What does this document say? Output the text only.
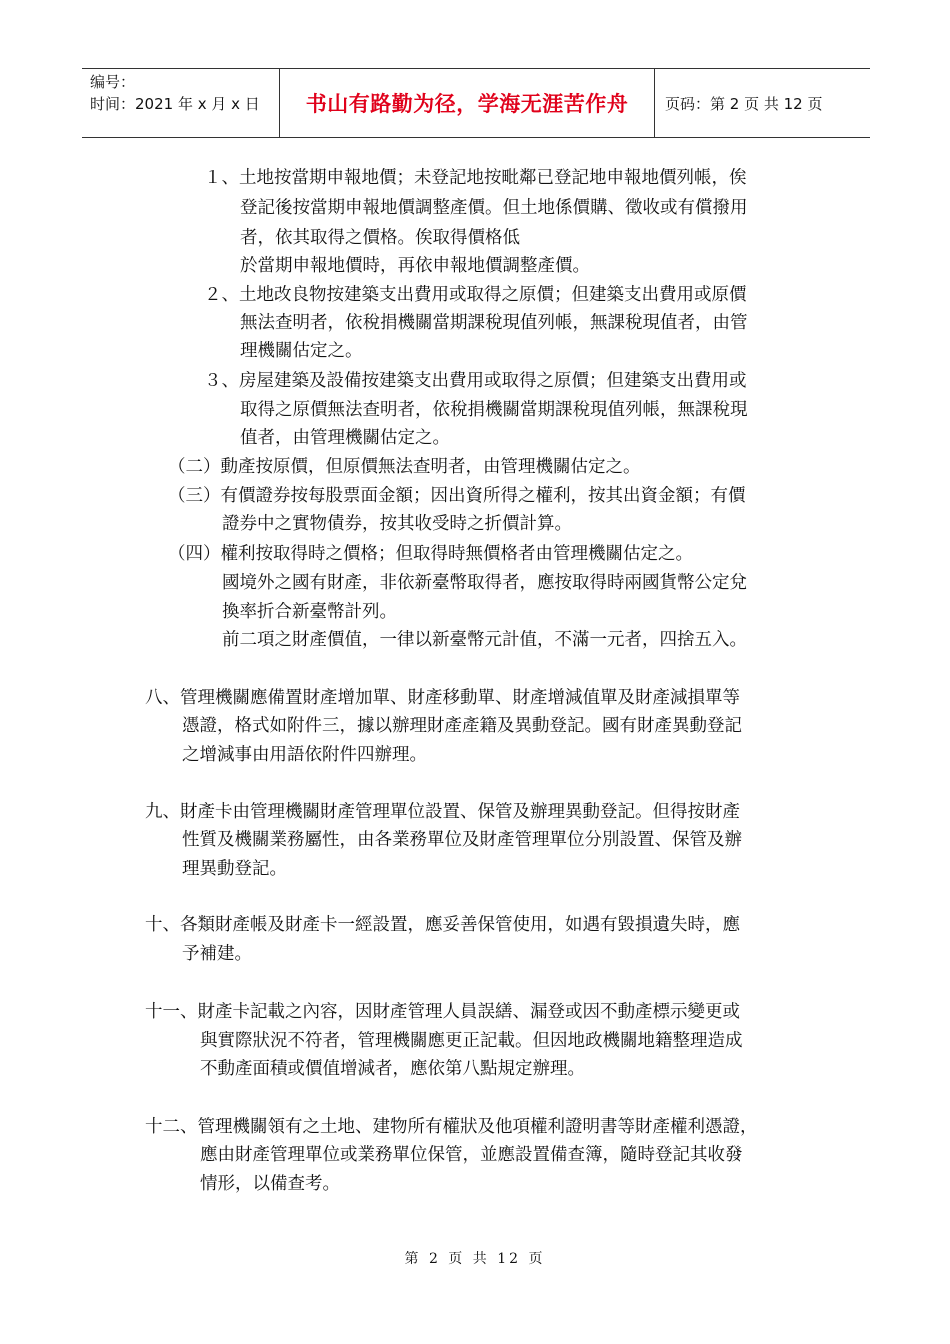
编号：
时间：2021 年 x 月 x 日	书山有路勤为径，学海无涯苦作舟	页码：第 2 页 共 12 页
１、土地按當期申報地價；未登記地按毗鄰已登記地申報地價列帳，俟
登記後按當期申報地價調整產價。但土地係價購、徵收或有償撥用
者，依其取得之價格。俟取得價格低
於當期申報地價時，再依申報地價調整產價。
２、土地改良物按建築支出費用或取得之原價；但建築支出費用或原價
無法查明者，依稅捐機關當期課稅現值列帳，無課稅現值者，由管
理機關估定之。
３、房屋建築及設備按建築支出費用或取得之原價；但建築支出費用或
取得之原價無法查明者，依稅捐機關當期課稅現值列帳，無課稅現
值者，由管理機關估定之。
（二）動產按原價，但原價無法查明者，由管理機關估定之。
（三）有價證券按每股票面金額；因出資所得之權利，按其出資金額；有價
證券中之實物債券，按其收受時之折價計算。
（四）權利按取得時之價格；但取得時無價格者由管理機關估定之。
國境外之國有財產，非依新臺幣取得者，應按取得時兩國貨幣公定兌
換率折合新臺幣計列。
前二項之財產價值，一律以新臺幣元計值，不滿一元者，四捨五入。
八、管理機關應備置財產增加單、財產移動單、財產增減值單及財產減損單等
憑證，格式如附件三，據以辦理財產產籍及異動登記。國有財產異動登記
之增減事由用語依附件四辦理。
九、財產卡由管理機關財產管理單位設置、保管及辦理異動登記。但得按財產
性質及機關業務屬性，由各業務單位及財產管理單位分別設置、保管及辦
理異動登記。
十、各類財產帳及財產卡一經設置，應妥善保管使用，如遇有毀損遺失時，應
予補建。
十一、財產卡記載之內容，因財產管理人員誤繕、漏登或因不動產標示變更或
與實際狀況不符者，管理機關應更正記載。但因地政機關地籍整理造成
不動產面積或價值增減者，應依第八點規定辦理。
十二、管理機關領有之土地、建物所有權狀及他項權利證明書等財產權利憑證，
應由財產管理單位或業務單位保管，並應設置備查簿，隨時登記其收發
情形，以備查考。
第 2 页 共 12 页
